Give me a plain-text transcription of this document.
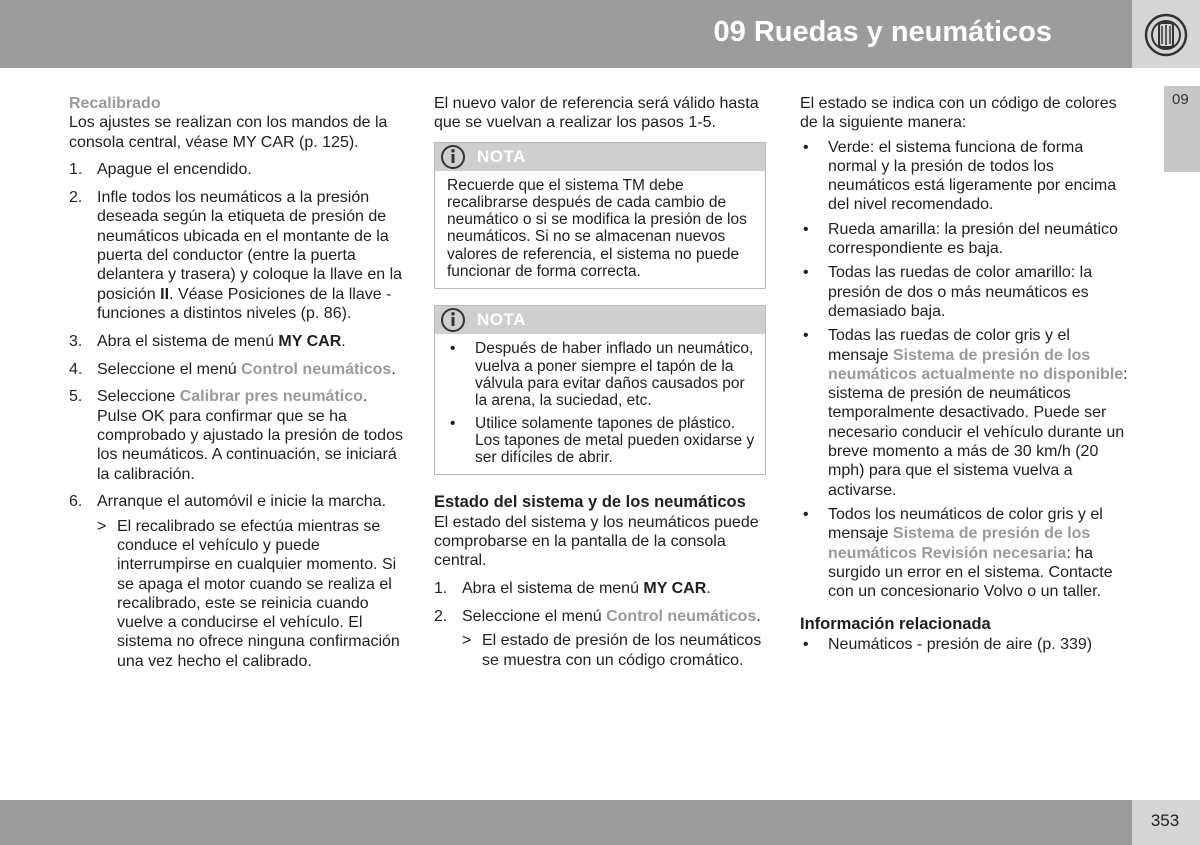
09 Ruedas y neumáticos
09

Recalibrado

Los ajustes se realizan con los mandos de la consola central, véase MY CAR (p. 125).

1. Apague el encendido.
2. Infle todos los neumáticos a la presión deseada según la etiqueta de presión de neumáticos ubicada en el montante de la puerta del conductor (entre la puerta delantera y trasera) y coloque la llave en la posición II. Véase Posiciones de la llave - funciones a distintos niveles (p. 86).
3. Abra el sistema de menú MY CAR.
4. Seleccione el menú Control neumáticos.
5. Seleccione Calibrar pres neumático. Pulse OK para confirmar que se ha comprobado y ajustado la presión de todos los neumáticos. A continuación, se iniciará la calibración.
6. Arranque el automóvil e inicie la marcha.
> El recalibrado se efectúa mientras se conduce el vehículo y puede interrumpirse en cualquier momento. Si se apaga el motor cuando se realiza el recalibrado, este se reinicia cuando vuelve a conducirse el vehículo. El sistema no ofrece ninguna confirmación una vez hecho el calibrado.

El nuevo valor de referencia será válido hasta que se vuelvan a realizar los pasos 1-5.

NOTA

Recuerde que el sistema TM debe recalibrarse después de cada cambio de neumático o si se modifica la presión de los neumáticos. Si no se almacenan nuevos valores de referencia, el sistema no puede funcionar de forma correcta.

NOTA
• Después de haber inflado un neumático, vuelva a poner siempre el tapón de la válvula para evitar daños causados por la arena, la suciedad, etc.
• Utilice solamente tapones de plástico. Los tapones de metal pueden oxidarse y ser difíciles de abrir.

Estado del sistema y de los neumáticos

El estado del sistema y los neumáticos puede comprobarse en la pantalla de la consola central.

1. Abra el sistema de menú MY CAR.
2. Seleccione el menú Control neumáticos.
> El estado de presión de los neumáticos se muestra con un código cromático.

El estado se indica con un código de colores de la siguiente manera:

• Verde: el sistema funciona de forma normal y la presión de todos los neumáticos está ligeramente por encima del nivel recomendado.
• Rueda amarilla: la presión del neumático correspondiente es baja.
• Todas las ruedas de color amarillo: la presión de dos o más neumáticos es demasiado baja.
• Todas las ruedas de color gris y el mensaje Sistema de presión de los neumáticos actualmente no disponible: sistema de presión de neumáticos temporalmente desactivado. Puede ser necesario conducir el vehículo durante un breve momento a más de 30 km/h (20 mph) para que el sistema vuelva a activarse.
• Todos los neumáticos de color gris y el mensaje Sistema de presión de los neumáticos Revisión necesaria: ha surgido un error en el sistema. Contacte con un concesionario Volvo o un taller.

Información relacionada

• Neumáticos - presión de aire (p. 339)
353
